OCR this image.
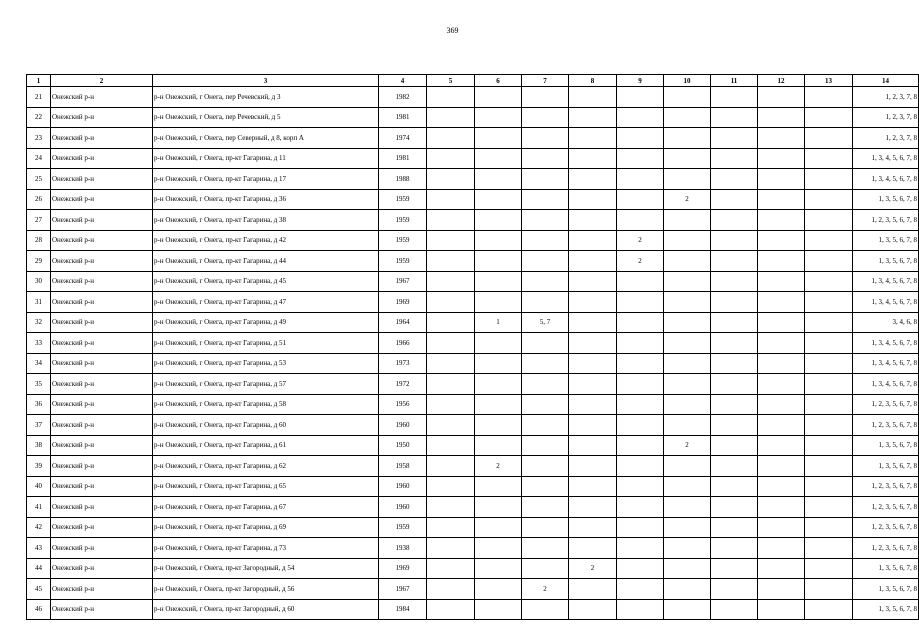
369
1	2	3	4	5	6	7	8	9	10	11	12	13	14
21	Онежский р-н	р-н Онежский, г Онега, пер Речевский, д 3	1982										1, 2, 3, 7, 8
22	Онежский р-н	р-н Онежский, г Онега, пер Речевский, д 5	1981										1, 2, 3, 7, 8
23	Онежский р-н	р-н Онежский, г Онега, пер Северный, д 8, корп А	1974										1, 2, 3, 7, 8
24	Онежский р-н	р-н Онежский, г Онега, пр-кт Гагарина, д 11	1981										1, 3, 4, 5, 6, 7, 8
25	Онежский р-н	р-н Онежский, г Онега, пр-кт Гагарина, д 17	1988										1, 3, 4, 5, 6, 7, 8
26	Онежский р-н	р-н Онежский, г Онега, пр-кт Гагарина, д 36	1959						2				1, 3, 5, 6, 7, 8
27	Онежский р-н	р-н Онежский, г Онега, пр-кт Гагарина, д 38	1959										1, 2, 3, 5, 6, 7, 8
28	Онежский р-н	р-н Онежский, г Онега, пр-кт Гагарина, д 42	1959					2					1, 3, 5, 6, 7, 8
29	Онежский р-н	р-н Онежский, г Онега, пр-кт Гагарина, д 44	1959					2					1, 3, 5, 6, 7, 8
30	Онежский р-н	р-н Онежский, г Онега, пр-кт Гагарина, д 45	1967										1, 3, 4, 5, 6, 7, 8
31	Онежский р-н	р-н Онежский, г Онега, пр-кт Гагарина, д 47	1969										1, 3, 4, 5, 6, 7, 8
32	Онежский р-н	р-н Онежский, г Онега, пр-кт Гагарина, д 49	1964		1	5, 7							3, 4, 6, 8
33	Онежский р-н	р-н Онежский, г Онега, пр-кт Гагарина, д 51	1966										1, 3, 4, 5, 6, 7, 8
34	Онежский р-н	р-н Онежский, г Онега, пр-кт Гагарина, д 53	1973										1, 3, 4, 5, 6, 7, 8
35	Онежский р-н	р-н Онежский, г Онега, пр-кт Гагарина, д 57	1972										1, 3, 4, 5, 6, 7, 8
36	Онежский р-н	р-н Онежский, г Онега, пр-кт Гагарина, д 58	1956										1, 2, 3, 5, 6, 7, 8
37	Онежский р-н	р-н Онежский, г Онега, пр-кт Гагарина, д 60	1960										1, 2, 3, 5, 6, 7, 8
38	Онежский р-н	р-н Онежский, г Онега, пр-кт Гагарина, д 61	1950						2				1, 3, 5, 6, 7, 8
39	Онежский р-н	р-н Онежский, г Онега, пр-кт Гагарина, д 62	1958		2								1, 3, 5, 6, 7, 8
40	Онежский р-н	р-н Онежский, г Онега, пр-кт Гагарина, д 65	1960										1, 2, 3, 5, 6, 7, 8
41	Онежский р-н	р-н Онежский, г Онега, пр-кт Гагарина, д 67	1960										1, 2, 3, 5, 6, 7, 8
42	Онежский р-н	р-н Онежский, г Онега, пр-кт Гагарина, д 69	1959										1, 2, 3, 5, 6, 7, 8
43	Онежский р-н	р-н Онежский, г Онега, пр-кт Гагарина, д 73	1938										1, 2, 3, 5, 6, 7, 8
44	Онежский р-н	р-н Онежский, г Онега, пр-кт Загородный, д 54	1969				2						1, 3, 5, 6, 7, 8
45	Онежский р-н	р-н Онежский, г Онега, пр-кт Загородный, д 56	1967			2							1, 3, 5, 6, 7, 8
46	Онежский р-н	р-н Онежский, г Онега, пр-кт Загородный, д 60	1984										1, 3, 5, 6, 7, 8
